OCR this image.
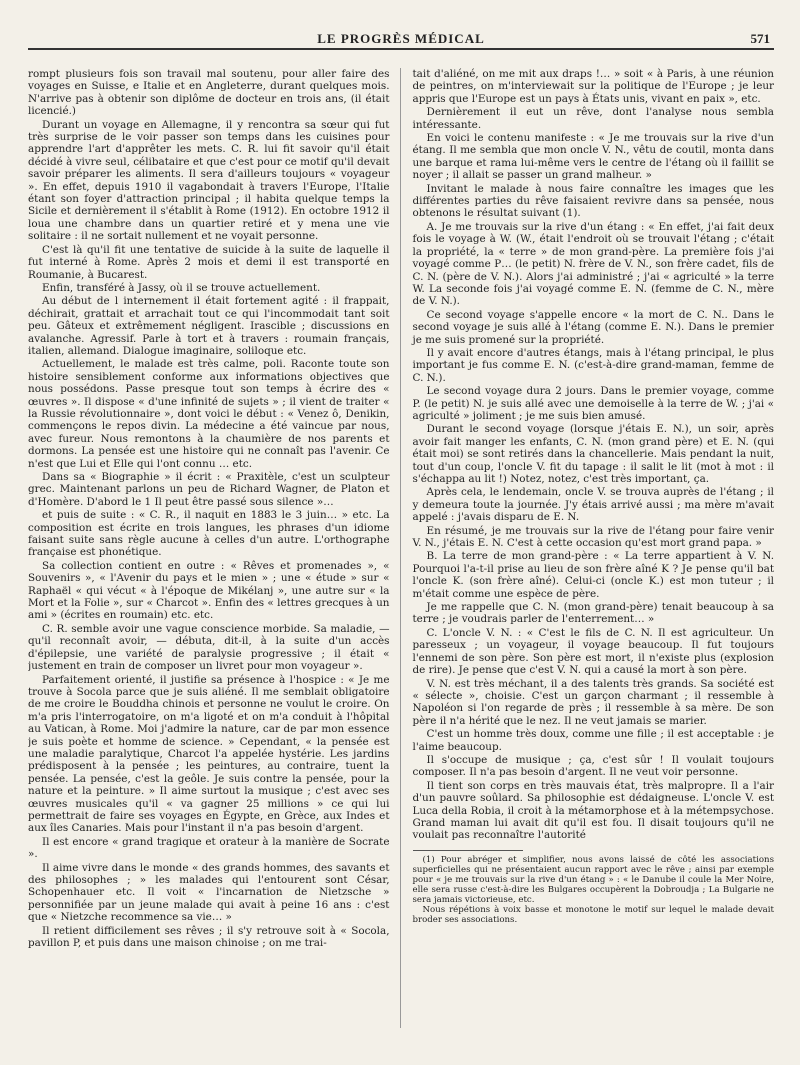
LE PROGRÈS MÉDICAL	571

rompt plusieurs fois son travail mal soutenu, pour aller faire des voyages en Suisse, e Italie et en Angleterre, durant quelques mois. N'arrive pas à obtenir son diplôme de docteur en trois ans, (il était licencié.)

Durant un voyage en Allemagne, il y rencontra sa sœur qui fut très surprise de le voir passer son temps dans les cuisines pour apprendre l'art d'apprêter les mets. C. R. lui fit savoir qu'il était décidé à vivre seul, célibataire et que c'est pour ce motif qu'il devait savoir préparer les aliments. Il sera d'ailleurs toujours « voyageur ». En effet, depuis 1910 il vagabondait à travers l'Europe, l'Italie étant son foyer d'attraction principal ; il habita quelque temps la Sicile et dernièrement il s'établit à Rome (1912). En octobre 1912 il loua une chambre dans un quartier retiré et y mena une vie solitaire : il ne sortait nullement et ne voyait personne.

C'est là qu'il fit une tentative de suicide à la suite de laquelle il fut interné à Rome. Après 2 mois et demi il est transporté en Roumanie, à Bucarest.

Enfin, transféré à Jassy, où il se trouve actuellement.

Au début de l internement il était fortement agité : il frappait, déchirait, grattait et arrachait tout ce qui l'incommodait tant soit peu. Gâteux et extrêmement négligent. Irascible ; discussions en avalanche. Agressif. Parle à tort et à travers : roumain français, italien, allemand. Dialogue imaginaire, soliloque etc.

Actuellement, le malade est très calme, poli. Raconte toute son histoire sensiblement conforme aux informations objectives que nous possédons. Passe presque tout son temps à écrire des « œuvres ». Il dispose « d'une infinité de sujets » ; il vient de traiter « la Russie révolutionnaire », dont voici le début : « Venez ô, Denikin, commençons le repos divin. La médecine a été vaincue par nous, avec fureur. Nous remontons à la chaumière de nos parents et dormons. La pensée est une histoire qui ne connaît pas l'avenir. Ce n'est que Lui et Elle qui l'ont connu … etc.

Dans sa « Biographie » il écrit : « Praxitèle, c'est un sculpteur grec. Maintenant parlons un peu de Richard Wagner, de Platon et d'Homère. D'abord le 1 Il peut être passé sous silence »…

et puis de suite : « C. R., il naquit en 1883 le 3 juin… » etc. La composition est écrite en trois langues, les phrases d'un idiome faisant suite sans règle aucune à celles d'un autre. L'orthographe française est phonétique.

Sa collection contient en outre : « Rêves et promenades », « Souvenirs », « l'Avenir du pays et le mien » ; une « étude » sur « Raphaël « qui vécut « à l'époque de Mikélanj », une autre sur « la Mort et la Folie », sur « Charcot ». Enfin des « lettres grecques à un ami » (écrites en roumain) etc. etc.

C. R. semble avoir une vague conscience morbide. Sa maladie, — qu'il reconnaît avoir, — débuta, dit-il, à la suite d'un accès d'épilepsie, une variété de paralysie progressive ; il était « justement en train de composer un livret pour mon voyageur ».

Parfaitement orienté, il justifie sa présence à l'hospice : « Je me trouve à Socola parce que je suis aliéné. Il me semblait obligatoire de me croire le Bouddha chinois et personne ne voulut le croire. On m'a pris l'interrogatoire, on m'a ligoté et on m'a conduit à l'hôpital au Vatican, à Rome. Moi j'admire la nature, car de par mon essence je suis poète et homme de science. » Cependant, « la pensée est une maladie paralytique, Charcot l'a appelée hystérie. Les jardins prédisposent à la pensée ; les peintures, au contraire, tuent la pensée. La pensée, c'est la geôle. Je suis contre la pensée, pour la nature et la peinture. » Il aime surtout la musique ; c'est avec ses œuvres musicales qu'il « va gagner 25 millions » ce qui lui permettrait de faire ses voyages en Égypte, en Grèce, aux Indes et aux îles Canaries. Mais pour l'instant il n'a pas besoin d'argent.

Il est encore « grand tragique et orateur à la manière de Socrate ».

Il aime vivre dans le monde « des grands hommes, des savants et des philosophes ; » les malades qui l'entourent sont César, Schopenhauer etc. Il voit « l'incarnation de Nietzsche » personnifiée par un jeune malade qui avait à peine 16 ans : c'est que « Nietzche recommence sa vie… »

Il retient difficilement ses rêves ; il s'y retrouve soit à « Socola, pavillon P, et puis dans une maison chinoise ; on me trai-

tait d'aliéné, on me mit aux draps !… » soit « à Paris, à une réunion de peintres, on m'interviewait sur la politique de l'Europe ; je leur appris que l'Europe est un pays à États unis, vivant en paix », etc.

Dernièrement il eut un rêve, dont l'analyse nous sembla intéressante.

En voici le contenu manifeste : « Je me trouvais sur la rive d'un étang. Il me sembla que mon oncle V. N., vêtu de coutil, monta dans une barque et rama lui-même vers le centre de l'étang où il faillit se noyer ; il allait se passer un grand malheur. »

Invitant le malade à nous faire connaître les images que les différentes parties du rêve faisaient revivre dans sa pensée, nous obtenons le résultat suivant (1).

A. Je me trouvais sur la rive d'un étang : « En effet, j'ai fait deux fois le voyage à W. (W., était l'endroit où se trouvait l'étang ; c'était la propriété, la « terre » de mon grand-père. La première fois j'ai voyagé comme P… (le petit) N. frère de V. N., son frère cadet, fils de C. N. (père de V. N.). Alors j'ai administré ; j'ai « agriculté » la terre W. La seconde fois j'ai voyagé comme E. N. (femme de C. N., mère de V. N.).

Ce second voyage s'appelle encore « la mort de C. N.. Dans le second voyage je suis allé à l'étang (comme E. N.). Dans le premier je me suis promené sur la propriété.

Il y avait encore d'autres étangs, mais à l'étang principal, le plus important je fus comme E. N. (c'est-à-dire grand-maman, femme de C. N.).

Le second voyage dura 2 jours. Dans le premier voyage, comme P. (le petit) N. je suis allé avec une demoiselle à la terre de W. ; j'ai « agriculté » joliment ; je me suis bien amusé.

Durant le second voyage (lorsque j'étais E. N.), un soir, après avoir fait manger les enfants, C. N. (mon grand père) et E. N. (qui était moi) se sont retirés dans la chancellerie. Mais pendant la nuit, tout d'un coup, l'oncle V. fit du tapage : il salit le lit (mot à mot : il s'échappa au lit !) Notez, notez, c'est très important, ça.

Après cela, le lendemain, oncle V. se trouva auprès de l'étang ; il y demeura toute la journée. J'y étais arrivé aussi ; ma mère m'avait appelé : j'avais disparu de E. N.

En résumé, je me trouvais sur la rive de l'étang pour faire venir V. N., j'étais E. N. C'est à cette occasion qu'est mort grand papa. »

B. La terre de mon grand-père : « La terre appartient à V. N. Pourquoi l'a-t-il prise au lieu de son frère aîné K ? Je pense qu'il bat l'oncle K. (son frère aîné). Celui-ci (oncle K.) est mon tuteur ; il m'était comme une espèce de père.

Je me rappelle que C. N. (mon grand-père) tenait beaucoup à sa terre ; je voudrais parler de l'enterrement… »

C. L'oncle V. N. : « C'est le fils de C. N. Il est agriculteur. Un paresseux ; un voyageur, il voyage beaucoup. Il fut toujours l'ennemi de son père. Son père est mort, il n'existe plus (explosion de rire). Je pense que c'est V. N. qui a causé la mort à son père.

V. N. est très méchant, il a des talents très grands. Sa société est « sélecte », choisie. C'est un garçon charmant ; il ressemble à Napoléon si l'on regarde de près ; il ressemble à sa mère. De son père il n'a hérité que le nez. Il ne veut jamais se marier.

C'est un homme très doux, comme une fille ; il est acceptable : je l'aime beaucoup.

Il s'occupe de musique ; ça, c'est sûr ! Il voulait toujours composer. Il n'a pas besoin d'argent. Il ne veut voir personne.

Il tient son corps en très mauvais état, très malpropre. Il a l'air d'un pauvre soûlard. Sa philosophie est dédaigneuse. L'oncle V. est Luca della Robia, il croit à la métamorphose et à la métempsychose. Grand maman lui avait dit qu'il est fou. Il disait toujours qu'il ne voulait pas reconnaître l'autorité

(1) Pour abréger et simplifier, nous avons laissé de côté les associations superficielles qui ne présentaient aucun rapport avec le rêve ; ainsi par exemple pour « je me trouvais sur la rive d'un étang » : « le Danube il coule la Mer Noire, elle sera russe c'est-à-dire les Bulgares occupèrent la Dobroudja ; La Bulgarie ne sera jamais victorieuse, etc.

Nous répétions à voix basse et monotone le motif sur lequel le malade devait broder ses associations.
